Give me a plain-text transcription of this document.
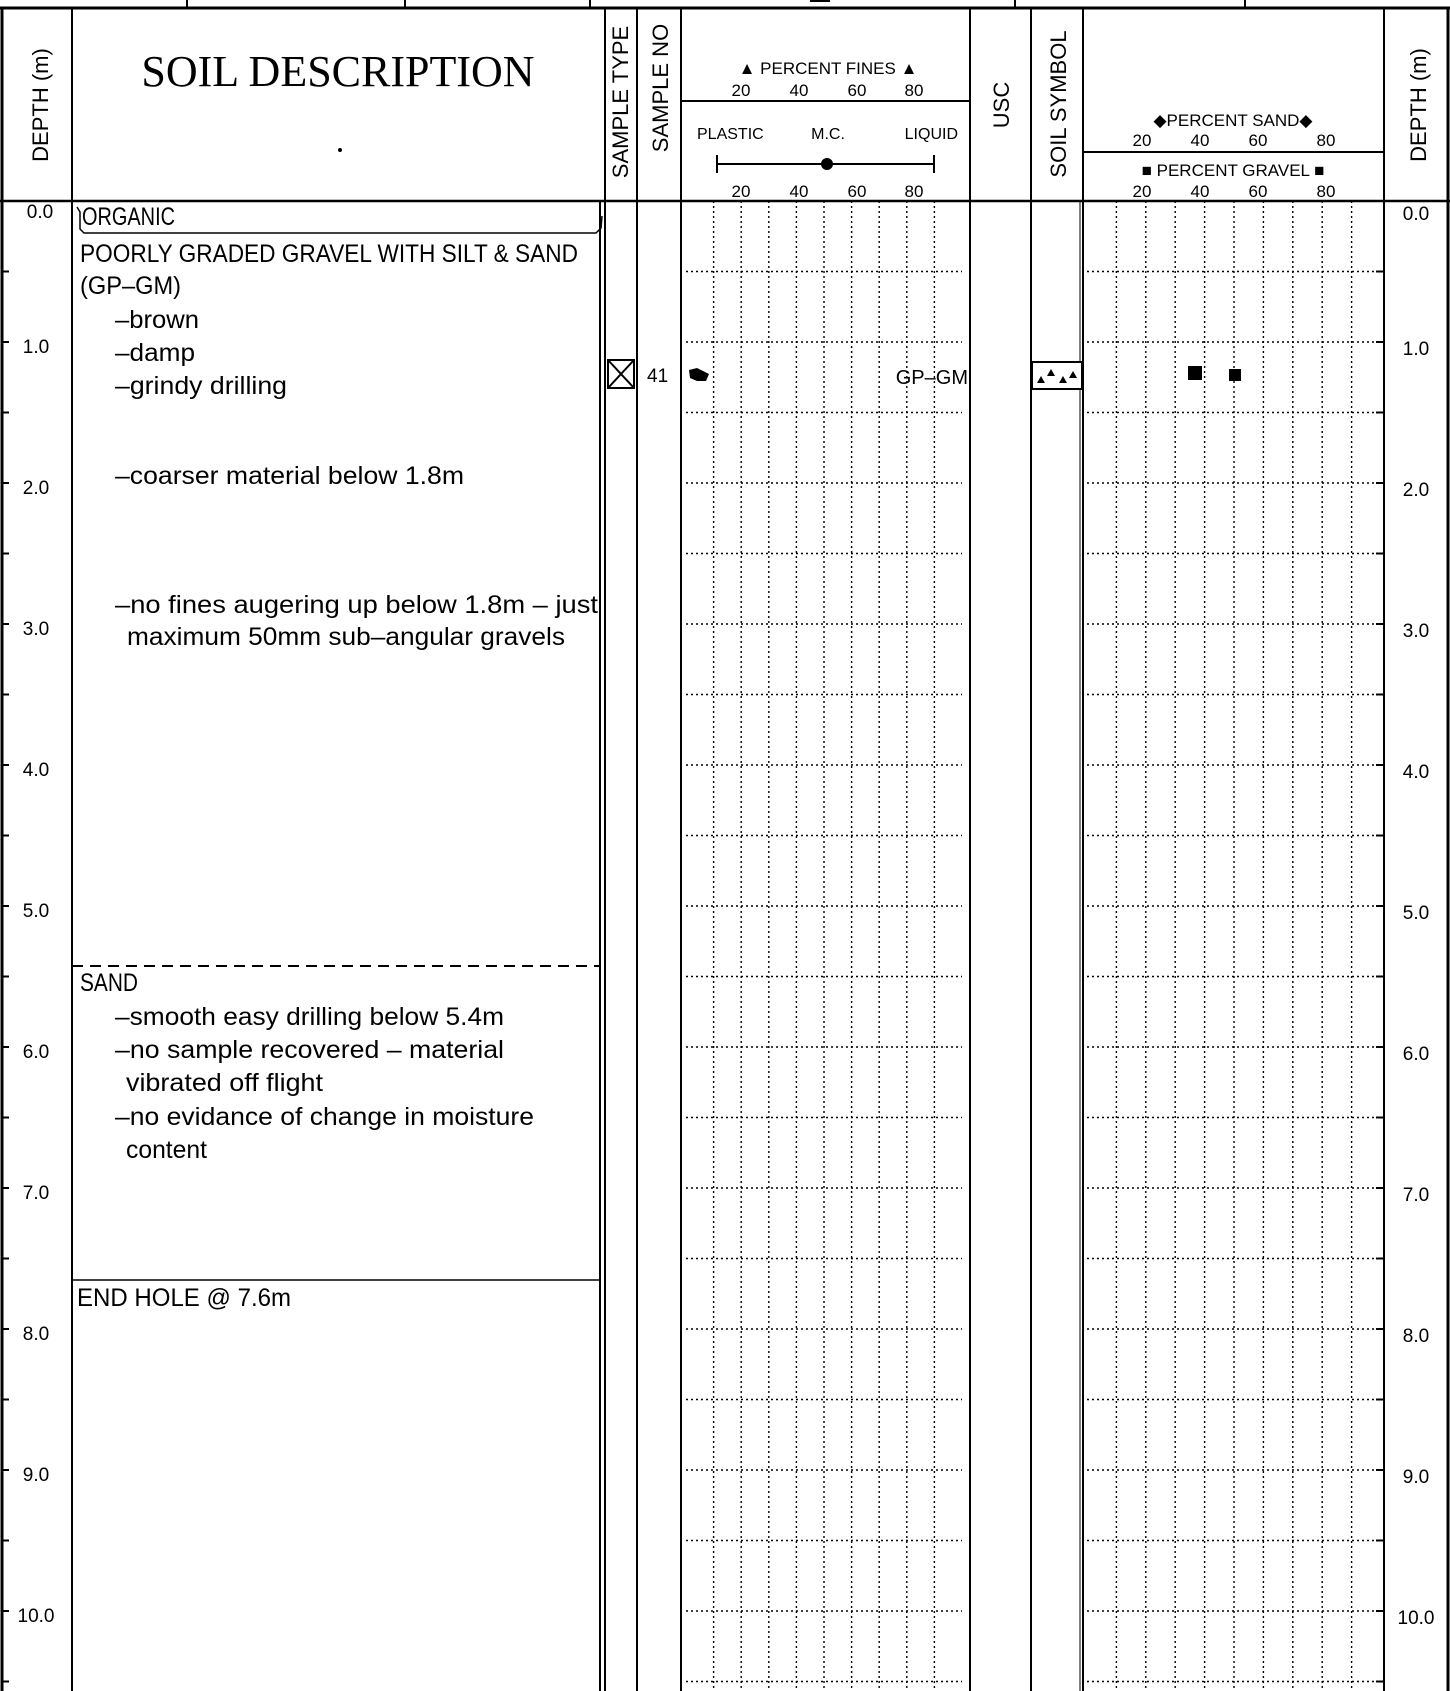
DEPTH (m) SOIL DESCRIPTION	SAMPLE TYPE SAMPLE NO	▲ PERCENT FINES ▲
20 40 60 80
PLASTIC	M.C.	LIQUID
20 40 60 80
USC SOIL SYMBOL	◆PERCENT SAND◆
20 40 60	80
■ PERCENT GRAVEL ■
20 40 60	80
DEPTH (m)
0.0
1.0
2.0
3.0
4.0
5.0
6.0
7.0
8.0
9.0
10.0
0.0
1.0
2.0
3.0
4.0
5.0
6.0
7.0
8.0
9.0
10.0
ORGANIC
POORLY GRADED GRAVEL WITH SILT & SAND
(GP–GM)
–brown
–damp
–grindy drilling
–coarser material below 1.8m
–no fines augering up below 1.8m – just
maximum 50mm sub–angular gravels
SAND
–smooth easy drilling below 5.4m
–no sample recovered – material
vibrated off flight
–no evidance of change in moisture
content
END HOLE @ 7.6m
41	GP–GM
